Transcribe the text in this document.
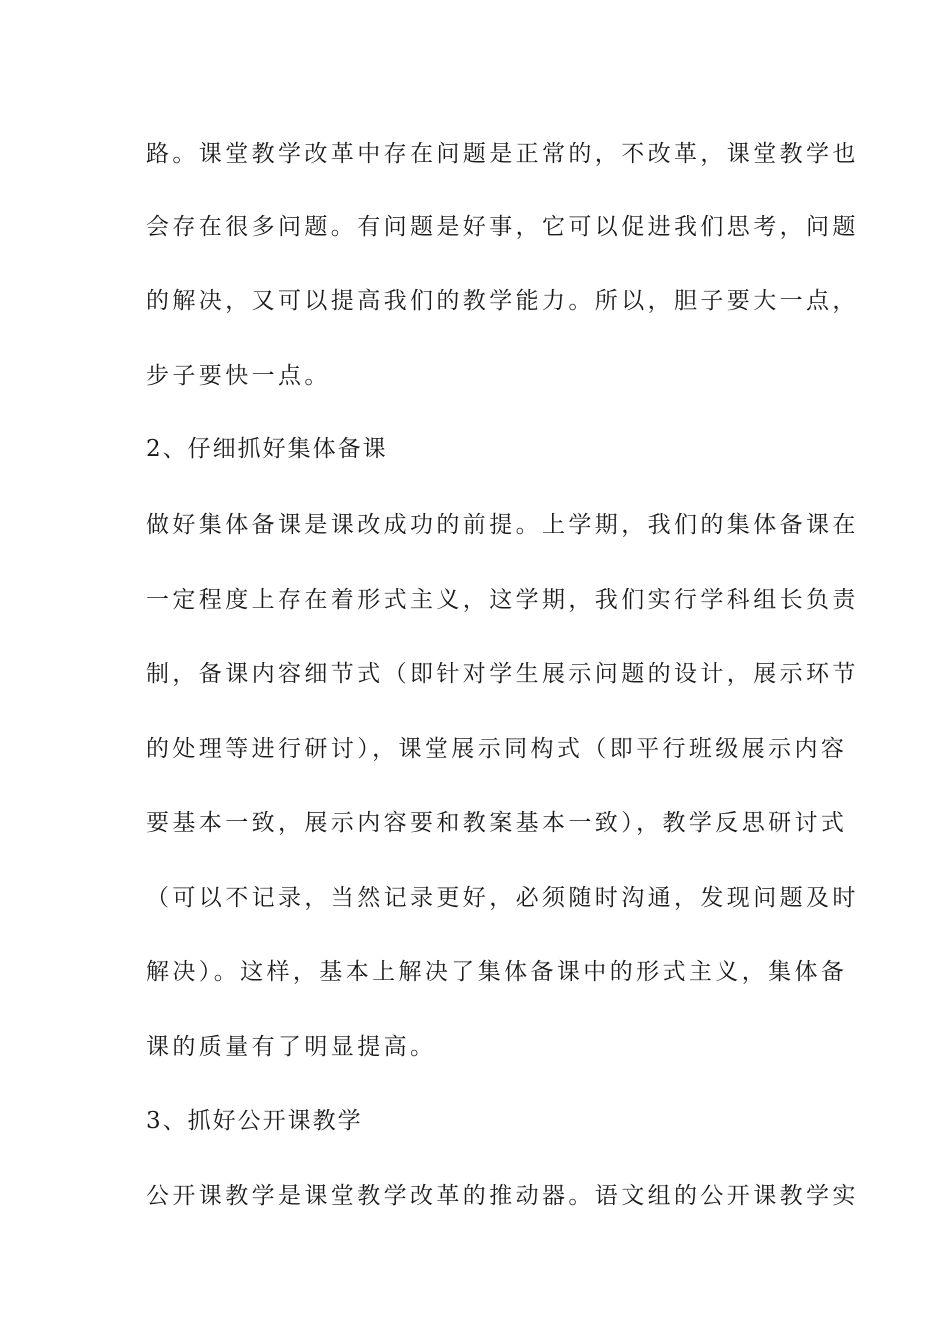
路。课堂教学改革中存在问题是正常的，不改革，课堂教学也
会存在很多问题。有问题是好事，它可以促进我们思考，问题
的解决，又可以提高我们的教学能力。所以，胆子要大一点，
步子要快一点。
2、仔细抓好集体备课
做好集体备课是课改成功的前提。上学期，我们的集体备课在
一定程度上存在着形式主义，这学期，我们实行学科组长负责
制，备课内容细节式（即针对学生展示问题的设计，展示环节
的处理等进行研讨），课堂展示同构式（即平行班级展示内容
要基本一致，展示内容要和教案基本一致），教学反思研讨式
（可以不记录，当然记录更好，必须随时沟通，发现问题及时
解决）。这样，基本上解决了集体备课中的形式主义，集体备
课的质量有了明显提高。
3、抓好公开课教学
公开课教学是课堂教学改革的推动器。语文组的公开课教学实
